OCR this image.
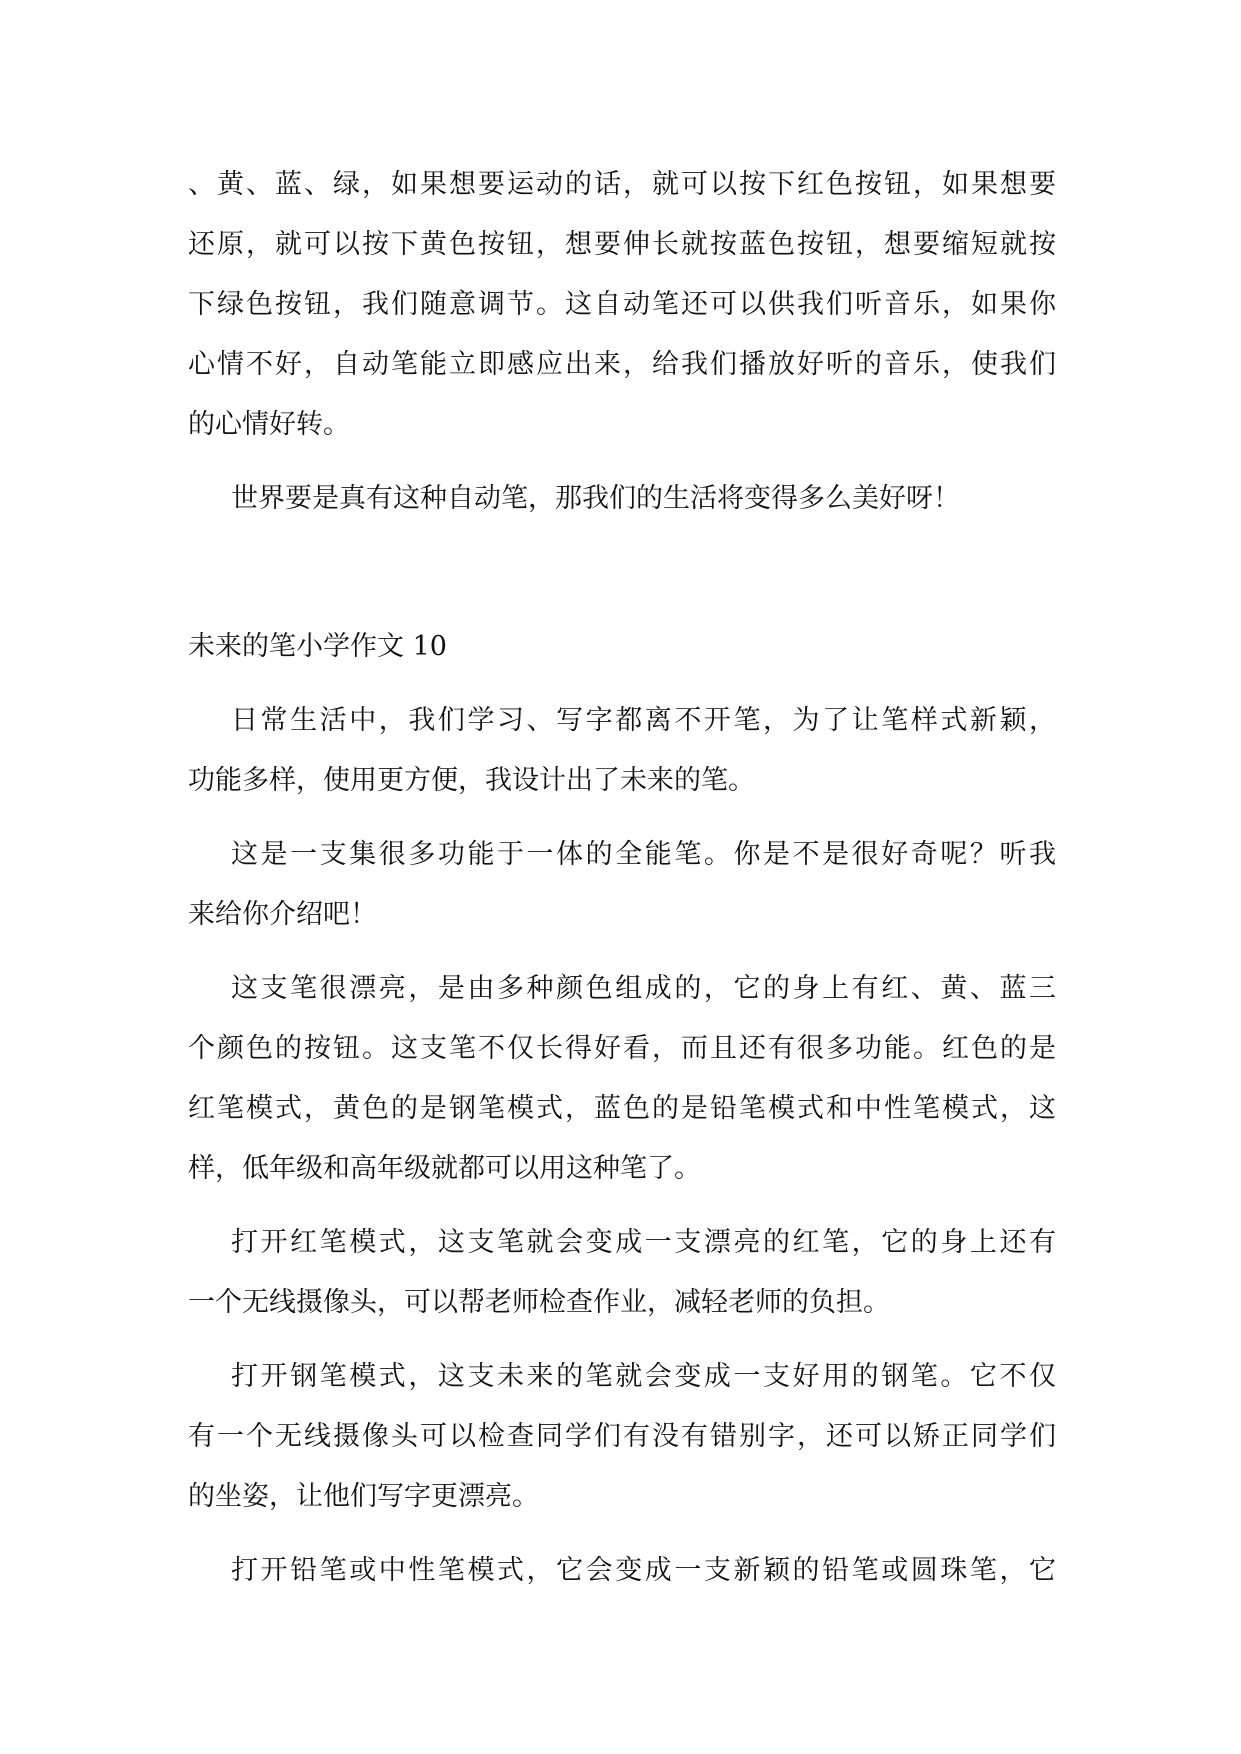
、黄、蓝、绿，如果想要运动的话，就可以按下红色按钮，如果想要
还原，就可以按下黄色按钮，想要伸长就按蓝色按钮，想要缩短就按
下绿色按钮，我们随意调节。这自动笔还可以供我们听音乐，如果你
心情不好，自动笔能立即感应出来，给我们播放好听的音乐，使我们
的心情好转。
世界要是真有这种自动笔，那我们的生活将变得多么美好呀！
未来的笔小学作文 10
日常生活中，我们学习、写字都离不开笔，为了让笔样式新颖，
功能多样，使用更方便，我设计出了未来的笔。
这是一支集很多功能于一体的全能笔。你是不是很好奇呢？听我
来给你介绍吧！
这支笔很漂亮，是由多种颜色组成的，它的身上有红、黄、蓝三
个颜色的按钮。这支笔不仅长得好看，而且还有很多功能。红色的是
红笔模式，黄色的是钢笔模式，蓝色的是铅笔模式和中性笔模式，这
样，低年级和高年级就都可以用这种笔了。
打开红笔模式，这支笔就会变成一支漂亮的红笔，它的身上还有
一个无线摄像头，可以帮老师检查作业，减轻老师的负担。
打开钢笔模式，这支未来的笔就会变成一支好用的钢笔。它不仅
有一个无线摄像头可以检查同学们有没有错别字，还可以矫正同学们
的坐姿，让他们写字更漂亮。
打开铅笔或中性笔模式，它会变成一支新颖的铅笔或圆珠笔，它
